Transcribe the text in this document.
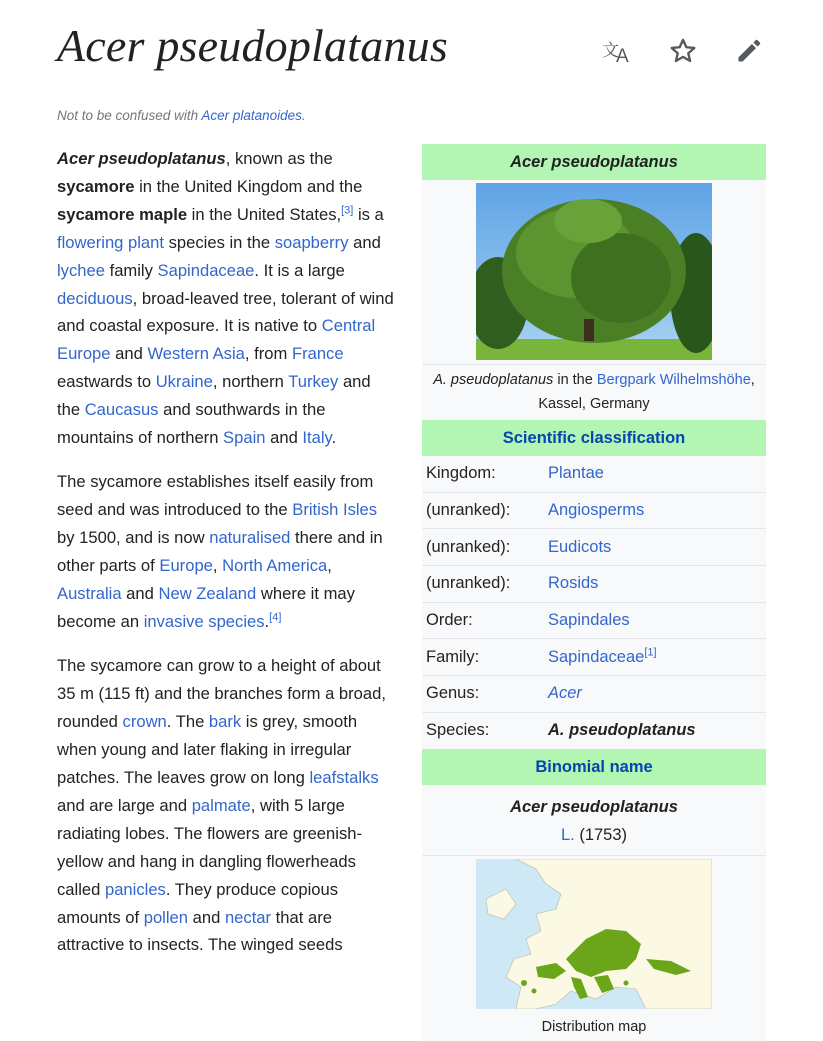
Acer pseudoplatanus	文
A
Not to be confused with Acer platanoides.

Acer pseudoplatanus, known as the sycamore in the United Kingdom and the sycamore maple in the United States,[3] is a flowering plant species in the soapberry and lychee family Sapindaceae. It is a large deciduous, broad-leaved tree, tolerant of wind and coastal exposure. It is native to Central Europe and Western Asia, from France eastwards to Ukraine, northern Turkey and the Caucasus and southwards in the mountains of northern Spain and Italy.

The sycamore establishes itself easily from seed and was introduced to the British Isles by 1500, and is now naturalised there and in other parts of Europe, North America, Australia and New Zealand where it may become an invasive species.[4]

The sycamore can grow to a height of about 35 m (115 ft) and the branches form a broad, rounded crown. The bark is grey, smooth when young and later flaking in irregular patches. The leaves grow on long leafstalks and are large and palmate, with 5 large radiating lobes. The flowers are greenish-yellow and hang in dangling flowerheads called panicles. They produce copious amounts of pollen and nectar that are attractive to insects. The winged seeds

Acer pseudoplatanus
A. pseudoplatanus in the Bergpark Wilhelmshöhe, Kassel, Germany
Scientific classification
Kingdom:	Plantae
(unranked):	Angiosperms
(unranked):	Eudicots
(unranked):	Rosids
Order:	Sapindales
Family:	Sapindaceae[1]
Genus:	Acer
Species:	A. pseudoplatanus
Binomial name
Acer pseudoplatanus
L. (1753)
Distribution map
